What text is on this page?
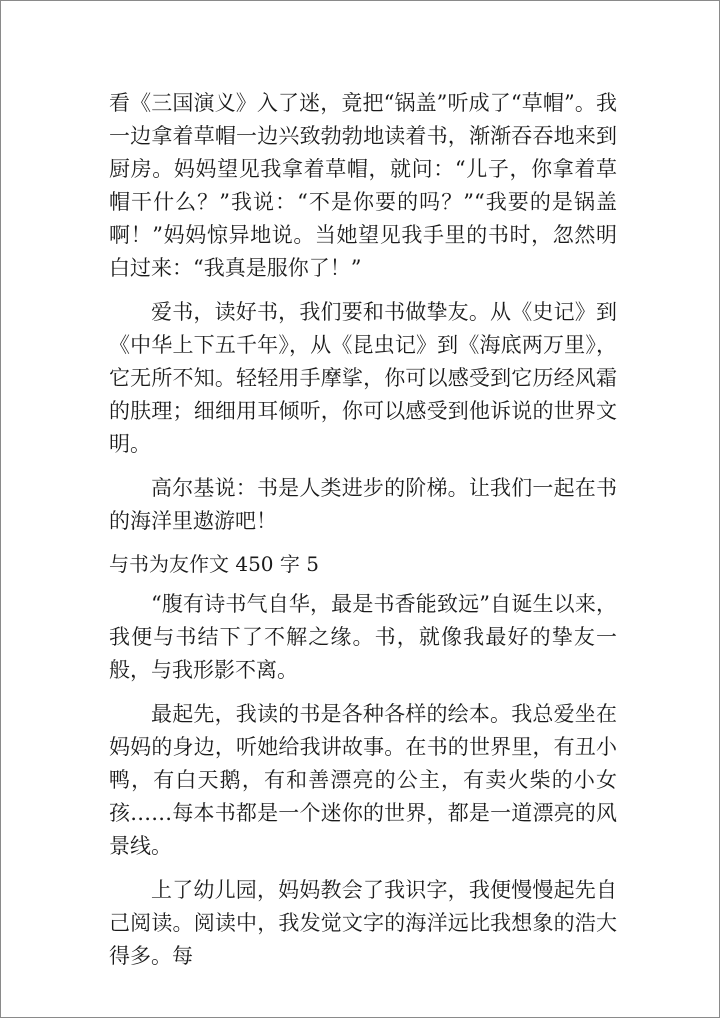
看《三国演义》入了迷，竟把“锅盖”听成了“草帽”。我一边拿着草帽一边兴致勃勃地读着书，渐渐吞吞地来到厨房。妈妈望见我拿着草帽，就问：“儿子，你拿着草帽干什么？”我说：“不是你要的吗？”“我要的是锅盖啊！”妈妈惊异地说。当她望见我手里的书时，忽然明白过来：“我真是服你了！”

爱书，读好书，我们要和书做挚友。从《史记》到《中华上下五千年》，从《昆虫记》到《海底两万里》，它无所不知。轻轻用手摩挲，你可以感受到它历经风霜的肤理；细细用耳倾听，你可以感受到他诉说的世界文明。

高尔基说：书是人类进步的阶梯。让我们一起在书的海洋里遨游吧！

与书为友作文 450 字 5

“腹有诗书气自华，最是书香能致远”自诞生以来，我便与书结下了不解之缘。书，就像我最好的挚友一般，与我形影不离。

最起先，我读的书是各种各样的绘本。我总爱坐在妈妈的身边，听她给我讲故事。在书的世界里，有丑小鸭，有白天鹅，有和善漂亮的公主，有卖火柴的小女孩……每本书都是一个迷你的世界，都是一道漂亮的风景线。

上了幼儿园，妈妈教会了我识字，我便慢慢起先自己阅读。阅读中，我发觉文字的海洋远比我想象的浩大得多。每
